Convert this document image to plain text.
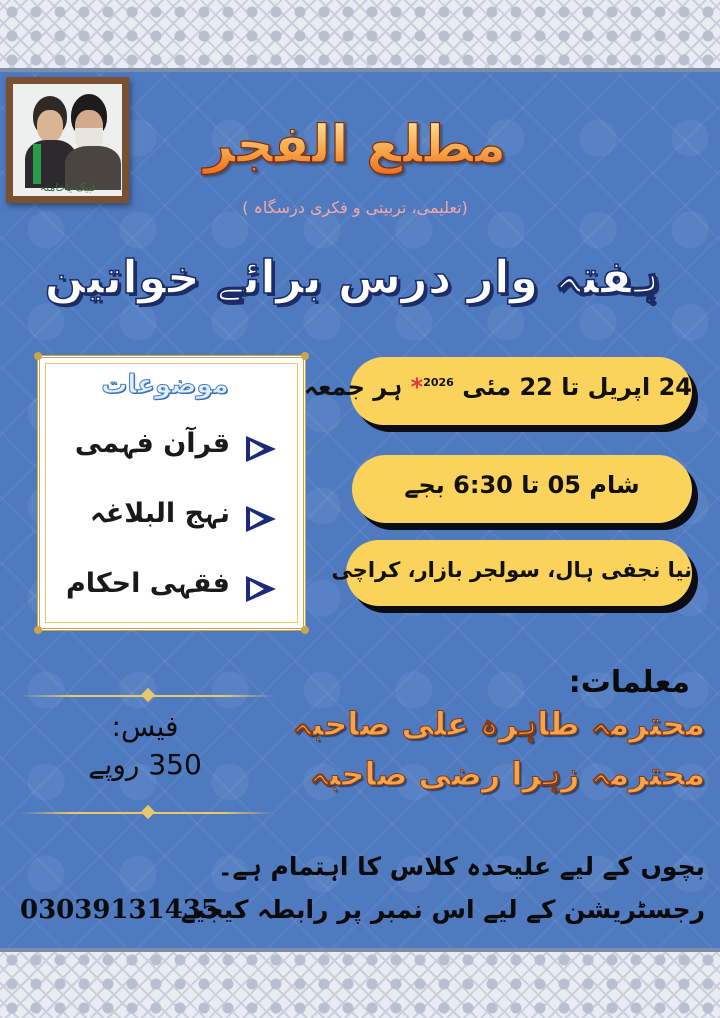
لبیک یاخامنہ
مطلع الفجر
(تعلیمی، تربیتی و فکری درسگاہ )
ہفتہ وار درس برائے خواتین
موضوعات
قرآن فہمی
نہج البلاغہ
فقہی احکام
24 اپریل تا 22 مئی $^{2026}$* ہر جمعہ
شام 05 تا 6:30 بجے
نیا نجفی ہال، سولجر بازار، کراچی
معلمات:
محترمہ طاہرہ علی صاحبہ
محترمہ زہرا رضی صاحبہ
فیس:
350 روپے
بچوں کے لیے علیحدہ کلاس کا اہتمام ہے۔
رجسٹریشن کے لیے اس نمبر پر رابطہ کیجیے
03039131435
